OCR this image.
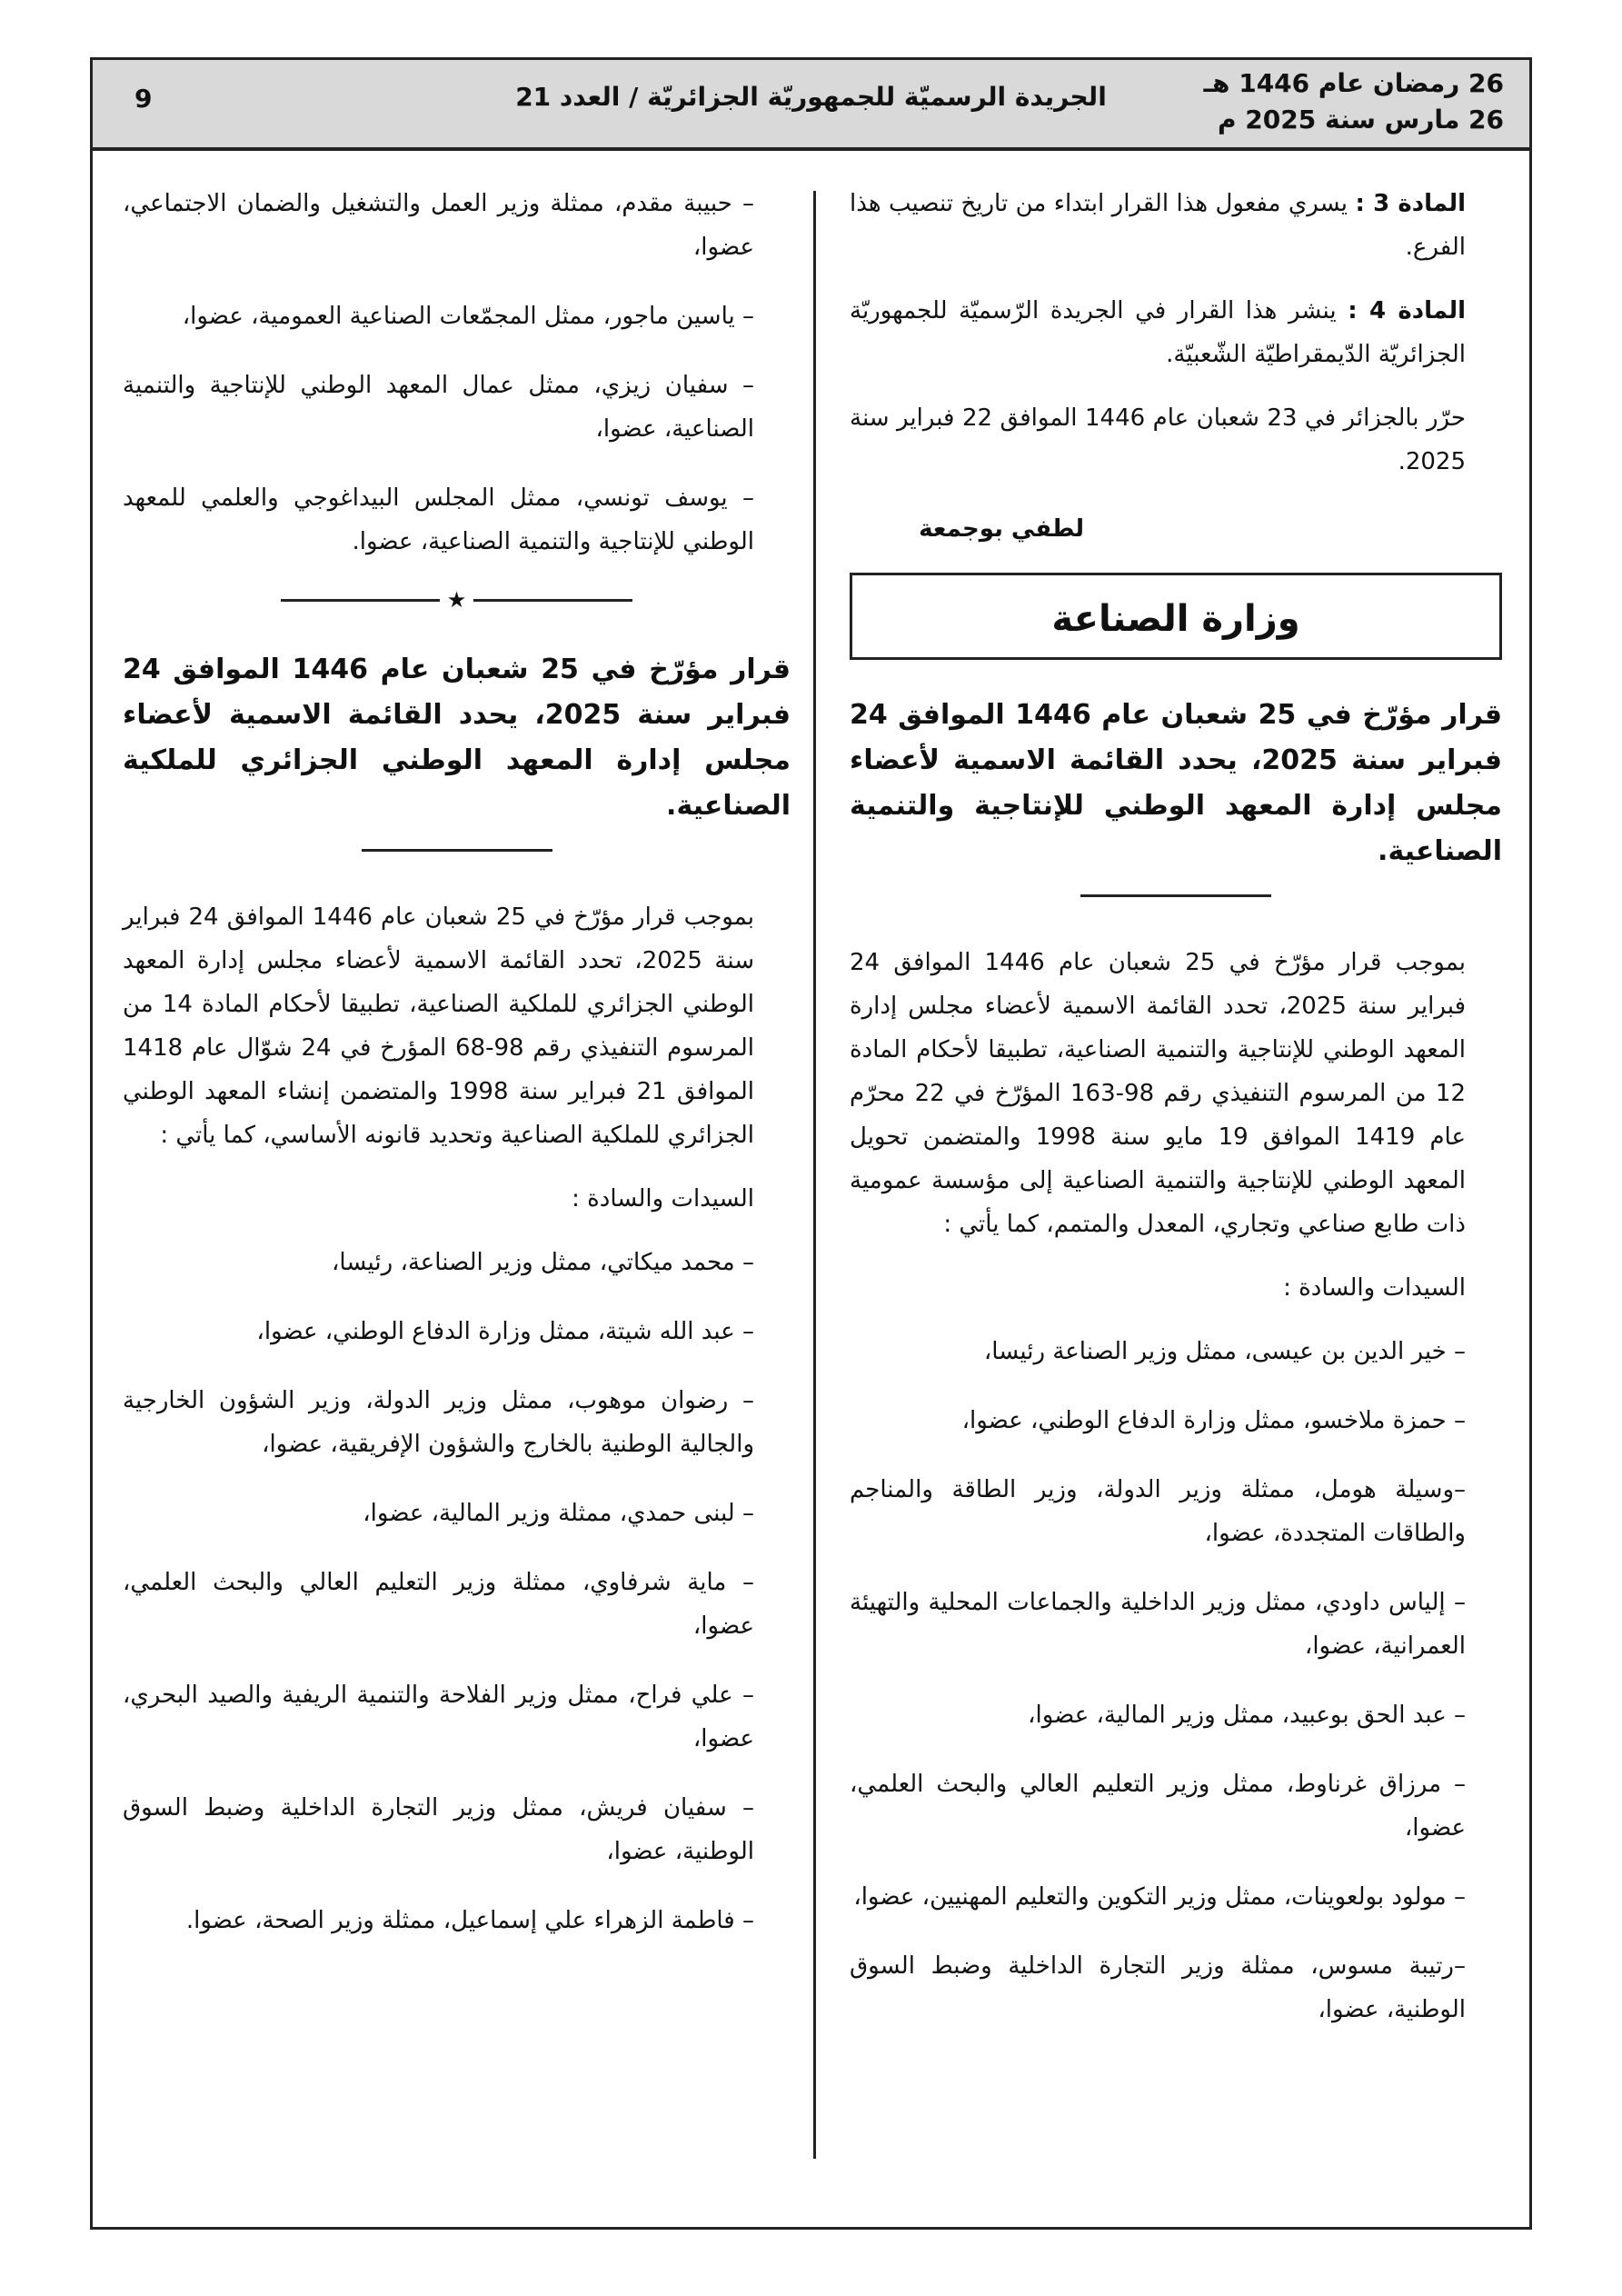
26 رمضان عام 1446 هـ
26 مارس سنة 2025 م
الجريدة الرسميّة للجمهوريّة الجزائريّة / العدد 21
9

المادة 3 : يسري مفعول هذا القرار ابتداء من تاريخ تنصيب هذا الفرع.

المادة 4 : ينشر هذا القرار في الجريدة الرّسميّة للجمهوريّة الجزائريّة الدّيمقراطيّة الشّعبيّة.

حرّر بالجزائر في 23 شعبان عام 1446 الموافق 22 فبراير سنة 2025.

لطفي بوجمعة

وزارة الصناعة

قرار مؤرّخ في 25 شعبان عام 1446 الموافق 24 فبراير سنة 2025، يحدد القائمة الاسمية لأعضاء مجلس إدارة المعهد الوطني للإنتاجية والتنمية الصناعية.

بموجب قرار مؤرّخ في 25 شعبان عام 1446 الموافق 24 فبراير سنة 2025، تحدد القائمة الاسمية لأعضاء مجلس إدارة المعهد الوطني للإنتاجية والتنمية الصناعية، تطبيقا لأحكام المادة 12 من المرسوم التنفيذي رقم 98-163 المؤرّخ في 22 محرّم عام 1419 الموافق 19 مايو سنة 1998 والمتضمن تحويل المعهد الوطني للإنتاجية والتنمية الصناعية إلى مؤسسة عمومية ذات طابع صناعي وتجاري، المعدل والمتمم، كما يأتي :

السيدات والسادة :

– خير الدين بن عيسى، ممثل وزير الصناعة رئيسا،
– حمزة ملاخسو، ممثل وزارة الدفاع الوطني، عضوا،
–وسيلة هومل، ممثلة وزير الدولة، وزير الطاقة والمناجم والطاقات المتجددة، عضوا،
– إلياس داودي، ممثل وزير الداخلية والجماعات المحلية والتهيئة العمرانية، عضوا،
– عبد الحق بوعبيد، ممثل وزير المالية، عضوا،
– مرزاق غرناوط، ممثل وزير التعليم العالي والبحث العلمي، عضوا،
– مولود بولعوينات، ممثل وزير التكوين والتعليم المهنيين، عضوا،
–رتيبة مسوس، ممثلة وزير التجارة الداخلية وضبط السوق الوطنية، عضوا،
– حبيبة مقدم، ممثلة وزير العمل والتشغيل والضمان الاجتماعي، عضوا،
– ياسين ماجور، ممثل المجمّعات الصناعية العمومية، عضوا،
– سفيان زيزي، ممثل عمال المعهد الوطني للإنتاجية والتنمية الصناعية، عضوا،
– يوسف تونسي، ممثل المجلس البيداغوجي والعلمي للمعهد الوطني للإنتاجية والتنمية الصناعية، عضوا.
★

قرار مؤرّخ في 25 شعبان عام 1446 الموافق 24 فبراير سنة 2025، يحدد القائمة الاسمية لأعضاء مجلس إدارة المعهد الوطني الجزائري للملكية الصناعية.

بموجب قرار مؤرّخ في 25 شعبان عام 1446 الموافق 24 فبراير سنة 2025، تحدد القائمة الاسمية لأعضاء مجلس إدارة المعهد الوطني الجزائري للملكية الصناعية، تطبيقا لأحكام المادة 14 من المرسوم التنفيذي رقم 98-68 المؤرخ في 24 شوّال عام 1418 الموافق 21 فبراير سنة 1998 والمتضمن إنشاء المعهد الوطني الجزائري للملكية الصناعية وتحديد قانونه الأساسي، كما يأتي :

السيدات والسادة :

– محمد ميكاتي، ممثل وزير الصناعة، رئيسا،
– عبد الله شيتة، ممثل وزارة الدفاع الوطني، عضوا،
– رضوان موهوب، ممثل وزير الدولة، وزير الشؤون الخارجية والجالية الوطنية بالخارج والشؤون الإفريقية، عضوا،
– لبنى حمدي، ممثلة وزير المالية، عضوا،
– ماية شرفاوي، ممثلة وزير التعليم العالي والبحث العلمي، عضوا،
– علي فراح، ممثل وزير الفلاحة والتنمية الريفية والصيد البحري، عضوا،
– سفيان فريش، ممثل وزير التجارة الداخلية وضبط السوق الوطنية، عضوا،
– فاطمة الزهراء علي إسماعيل، ممثلة وزير الصحة، عضوا.
